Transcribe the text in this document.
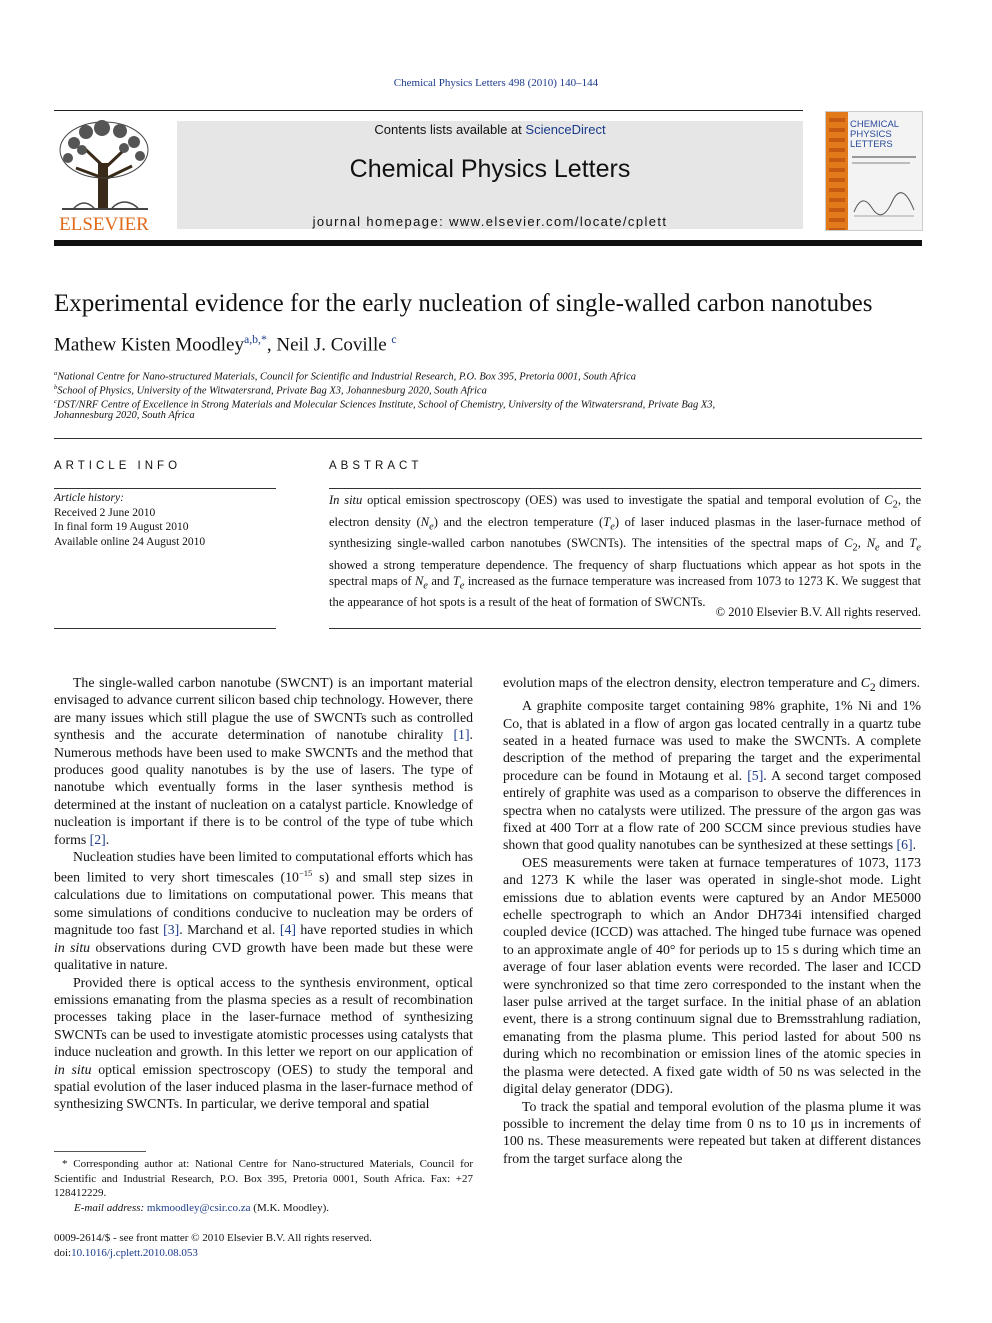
Chemical Physics Letters 498 (2010) 140–144
ELSEVIER
Contents lists available at ScienceDirect
Chemical Physics Letters
journal homepage: www.elsevier.com/locate/cplett
CHEMICAL
PHYSICS
LETTERS
Experimental evidence for the early nucleation of single-walled carbon nanotubes
Mathew Kisten Moodley$^{a,b,*}$, Neil J. Coville $^c$
$^a$National Centre for Nano-structured Materials, Council for Scientific and Industrial Research, P.O. Box 395, Pretoria 0001, South Africa
$^b$School of Physics, University of the Witwatersrand, Private Bag X3, Johannesburg 2020, South Africa
$^c$DST/NRF Centre of Excellence in Strong Materials and Molecular Sciences Institute, School of Chemistry, University of the Witwatersrand, Private Bag X3,
Johannesburg 2020, South Africa
ARTICLE INFO
Article history:
Received 2 June 2010
In final form 19 August 2010
Available online 24 August 2010
ABSTRACT
In situ optical emission spectroscopy (OES) was used to investigate the spatial and temporal evolution of $C_2$, the electron density $(N_e)$ and the electron temperature $(T_e)$ of laser induced plasmas in the laser-furnace method of synthesizing single-walled carbon nanotubes (SWCNTs). The intensities of the spectral maps of $C_2$, $N_e$ and $T_e$ showed a strong temperature dependence. The frequency of sharp fluctuations which appear as hot spots in the spectral maps of $N_e$ and $T_e$ increased as the furnace temperature was increased from 1073 to 1273 K. We suggest that the appearance of hot spots is a result of the heat of formation of SWCNTs.
© 2010 Elsevier B.V. All rights reserved.

The single-walled carbon nanotube (SWCNT) is an important material envisaged to advance current silicon based chip technology. However, there are many issues which still plague the use of SWCNTs such as controlled synthesis and the accurate determination of nanotube chirality [1]. Numerous methods have been used to make SWCNTs and the method that produces good quality nanotubes is by the use of lasers. The type of nanotube which eventually forms in the laser synthesis method is determined at the instant of nucleation on a catalyst particle. Knowledge of nucleation is important if there is to be control of the type of tube which forms [2].

Nucleation studies have been limited to computational efforts which has been limited to very short timescales ($10^{-15}$ s) and small step sizes in calculations due to limitations on computational power. This means that some simulations of conditions conducive to nucleation may be orders of magnitude too fast [3]. Marchand et al. [4] have reported studies in which in situ observations during CVD growth have been made but these were qualitative in nature.

Provided there is optical access to the synthesis environment, optical emissions emanating from the plasma species as a result of recombination processes taking place in the laser-furnace method of synthesizing SWCNTs can be used to investigate atomistic processes using catalysts that induce nucleation and growth. In this letter we report on our application of in situ optical emission spectroscopy (OES) to study the temporal and spatial evolution of the laser induced plasma in the laser-furnace method of synthesizing SWCNTs. In particular, we derive temporal and spatial

* Corresponding author at: National Centre for Nano-structured Materials, Council for Scientific and Industrial Research, P.O. Box 395, Pretoria 0001, South Africa. Fax: +27 128412229.
E-mail address: mkmoodley@csir.co.za (M.K. Moodley).
0009-2614/$ - see front matter © 2010 Elsevier B.V. All rights reserved.
doi:10.1016/j.cplett.2010.08.053

evolution maps of the electron density, electron temperature and $C_2$ dimers.

A graphite composite target containing 98% graphite, 1% Ni and 1% Co, that is ablated in a flow of argon gas located centrally in a quartz tube seated in a heated furnace was used to make the SWCNTs. A complete description of the method of preparing the target and the experimental procedure can be found in Motaung et al. [5]. A second target composed entirely of graphite was used as a comparison to observe the differences in spectra when no catalysts were utilized. The pressure of the argon gas was fixed at 400 Torr at a flow rate of 200 SCCM since previous studies have shown that good quality nanotubes can be synthesized at these settings [6].

OES measurements were taken at furnace temperatures of 1073, 1173 and 1273 K while the laser was operated in single-shot mode. Light emissions due to ablation events were captured by an Andor ME5000 echelle spectrograph to which an Andor DH734i intensified charged coupled device (ICCD) was attached. The hinged tube furnace was opened to an approximate angle of 40° for periods up to 15 s during which time an average of four laser ablation events were recorded. The laser and ICCD were synchronized so that time zero corresponded to the instant when the laser pulse arrived at the target surface. In the initial phase of an ablation event, there is a strong continuum signal due to Bremsstrahlung radiation, emanating from the plasma plume. This period lasted for about 500 ns during which no recombination or emission lines of the atomic species in the plasma were detected. A fixed gate width of 50 ns was selected in the digital delay generator (DDG).

To track the spatial and temporal evolution of the plasma plume it was possible to increment the delay time from 0 ns to 10 μs in increments of 100 ns. These measurements were repeated but taken at different distances from the target surface along the
